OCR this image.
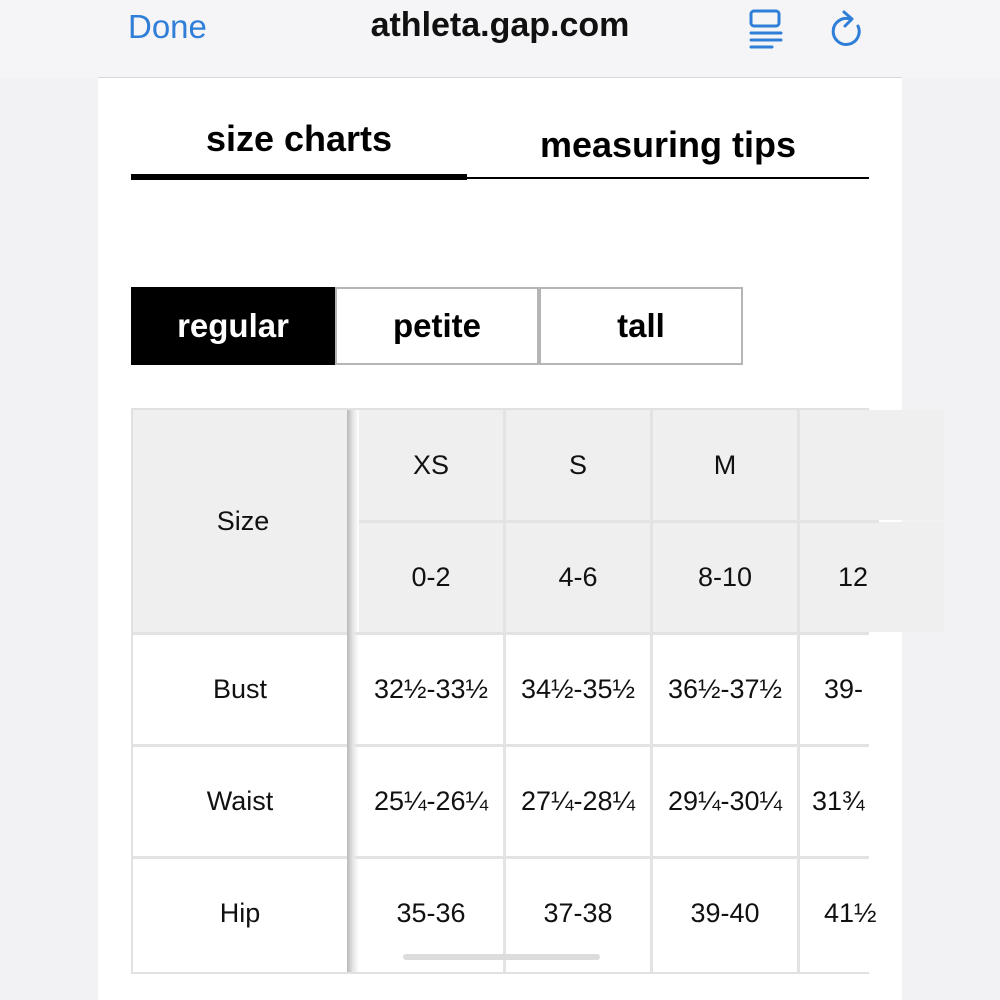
Done	athleta.gap.com
size charts	measuring tips
regular	petite	tall
Size
XS	S	M
0-2	4-6	8-10	12
Bust	32½-33½	34½-35½	36½-37½	39-
Waist	25¼-26¼	27¼-28¼	29¼-30¼	31¾
Hip	35-36	37-38	39-40	41½
